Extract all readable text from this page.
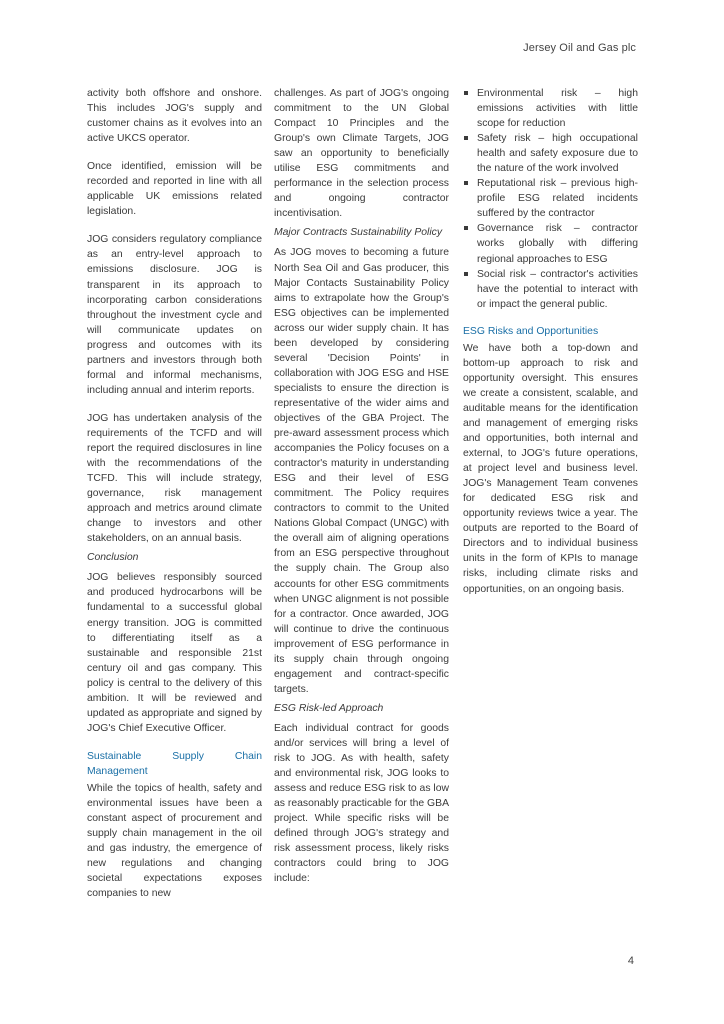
Jersey Oil and Gas plc

activity both offshore and onshore. This includes JOG's supply and customer chains as it evolves into an active UKCS operator.

Once identified, emission will be recorded and reported in line with all applicable UK emissions related legislation.

JOG considers regulatory compliance as an entry-level approach to emissions disclosure. JOG is transparent in its approach to incorporating carbon considerations throughout the investment cycle and will communicate updates on progress and outcomes with its partners and investors through both formal and informal mechanisms, including annual and interim reports.

JOG has undertaken analysis of the requirements of the TCFD and will report the required disclosures in line with the recommendations of the TCFD. This will include strategy, governance, risk management approach and metrics around climate change to investors and other stakeholders, on an annual basis.

Conclusion

JOG believes responsibly sourced and produced hydrocarbons will be fundamental to a successful global energy transition. JOG is committed to differentiating itself as a sustainable and responsible 21st century oil and gas company. This policy is central to the delivery of this ambition. It will be reviewed and updated as appropriate and signed by JOG's Chief Executive Officer.

Sustainable Supply Chain Management

While the topics of health, safety and environmental issues have been a constant aspect of procurement and supply chain management in the oil and gas industry, the emergence of new regulations and changing societal expectations exposes companies to new

challenges. As part of JOG's ongoing commitment to the UN Global Compact 10 Principles and the Group's own Climate Targets, JOG saw an opportunity to beneficially utilise ESG commitments and performance in the selection process and ongoing contractor incentivisation.

Major Contracts Sustainability Policy

As JOG moves to becoming a future North Sea Oil and Gas producer, this Major Contacts Sustainability Policy aims to extrapolate how the Group's ESG objectives can be implemented across our wider supply chain. It has been developed by considering several 'Decision Points' in collaboration with JOG ESG and HSE specialists to ensure the direction is representative of the wider aims and objectives of the GBA Project. The pre-award assessment process which accompanies the Policy focuses on a contractor's maturity in understanding ESG and their level of ESG commitment. The Policy requires contractors to commit to the United Nations Global Compact (UNGC) with the overall aim of aligning operations from an ESG perspective throughout the supply chain. The Group also accounts for other ESG commitments when UNGC alignment is not possible for a contractor. Once awarded, JOG will continue to drive the continuous improvement of ESG performance in its supply chain through ongoing engagement and contract-specific targets.

ESG Risk-led Approach

Each individual contract for goods and/or services will bring a level of risk to JOG. As with health, safety and environmental risk, JOG looks to assess and reduce ESG risk to as low as reasonably practicable for the GBA project. While specific risks will be defined through JOG's strategy and risk assessment process, likely risks contractors could bring to JOG include:

Environmental risk – high emissions activities with little scope for reduction
Safety risk – high occupational health and safety exposure due to the nature of the work involved
Reputational risk – previous high-profile ESG related incidents suffered by the contractor
Governance risk – contractor works globally with differing regional approaches to ESG
Social risk – contractor's activities have the potential to interact with or impact the general public.
ESG Risks and Opportunities

We have both a top-down and bottom-up approach to risk and opportunity oversight. This ensures we create a consistent, scalable, and auditable means for the identification and management of emerging risks and opportunities, both internal and external, to JOG's future operations, at project level and business level. JOG's Management Team convenes for dedicated ESG risk and opportunity reviews twice a year. The outputs are reported to the Board of Directors and to individual business units in the form of KPIs to manage risks, including climate risks and opportunities, on an ongoing basis.

4
